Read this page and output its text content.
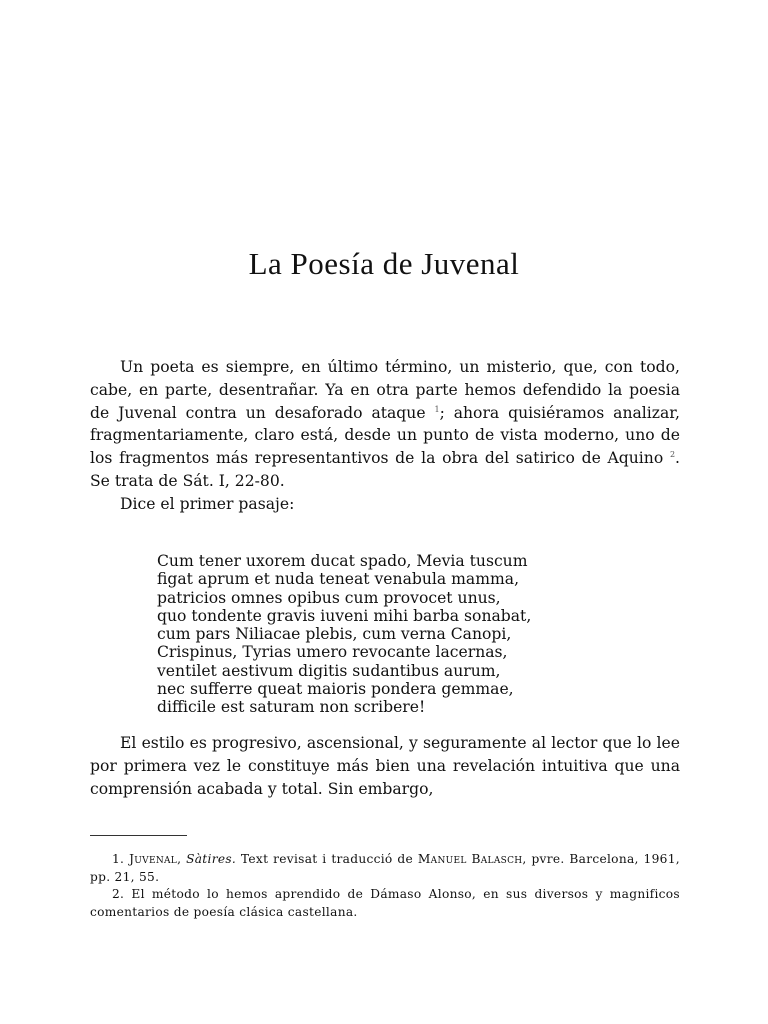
La Poesía de Juvenal

Un poeta es siempre, en último término, un misterio, que, con todo, cabe, en parte, desentrañar. Ya en otra parte hemos defendido la poesia de Juvenal contra un desaforado ataque $^1$; ahora quisiéramos analizar, fragmentariamente, claro está, desde un punto de vista moderno, uno de los fragmentos más representantivos de la obra del satirico de Aquino $^2$. Se trata de Sát. I, 22-80.

Dice el primer pasaje:

Cum tener uxorem ducat spado, Mevia tuscum
figat aprum et nuda teneat venabula mamma,
patricios omnes opibus cum provocet unus,
quo tondente gravis iuveni mihi barba sonabat,
cum pars Niliacae plebis, cum verna Canopi,
Crispinus, Tyrias umero revocante lacernas,
ventilet aestivum digitis sudantibus aurum,
nec sufferre queat maioris pondera gemmae,
difficile est saturam non scribere!

El estilo es progresivo, ascensional, y seguramente al lector que lo lee por primera vez le constituye más bien una revelación intuitiva que una comprensión acabada y total. Sin embargo,

1. Juvenal, Sàtires. Text revisat i traducció de Manuel Balasch, pvre. Barcelona, 1961, pp. 21, 55.

2. El método lo hemos aprendido de Dámaso Alonso, en sus diversos y magnificos comentarios de poesía clásica castellana.
